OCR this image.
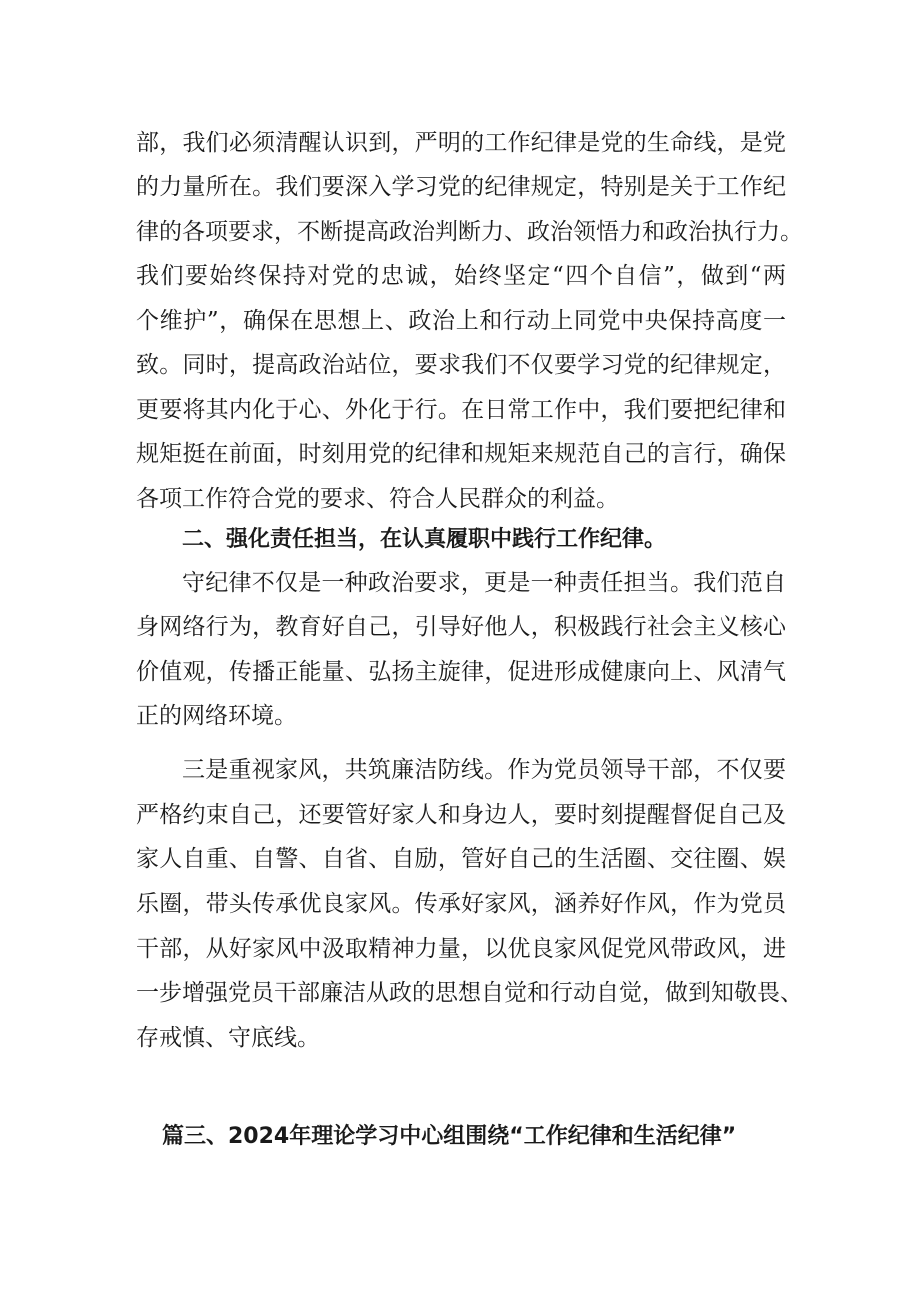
部，我们必须清醒认识到，严明的工作纪律是党的生命线，是党
的力量所在。我们要深入学习党的纪律规定，特别是关于工作纪
律的各项要求，不断提高政治判断力、政治领悟力和政治执行力。
我们要始终保持对党的忠诚，始终坚定“四个自信”，做到“两
个维护”，确保在思想上、政治上和行动上同党中央保持高度一
致。同时，提高政治站位，要求我们不仅要学习党的纪律规定，
更要将其内化于心、外化于行。在日常工作中，我们要把纪律和
规矩挺在前面，时刻用党的纪律和规矩来规范自己的言行，确保
各项工作符合党的要求、符合人民群众的利益。
二、强化责任担当，在认真履职中践行工作纪律。
守纪律不仅是一种政治要求，更是一种责任担当。我们范自
身网络行为，教育好自己，引导好他人，积极践行社会主义核心
价值观，传播正能量、弘扬主旋律，促进形成健康向上、风清气
正的网络环境。
三是重视家风，共筑廉洁防线。作为党员领导干部，不仅要
严格约束自己，还要管好家人和身边人，要时刻提醒督促自己及
家人自重、自警、自省、自励，管好自己的生活圈、交往圈、娱
乐圈，带头传承优良家风。传承好家风，涵养好作风，作为党员
干部，从好家风中汲取精神力量，以优良家风促党风带政风，进
一步增强党员干部廉洁从政的思想自觉和行动自觉，做到知敬畏、
存戒慎、守底线。
篇三、2024年理论学习中心组围绕“工作纪律和生活纪律”
